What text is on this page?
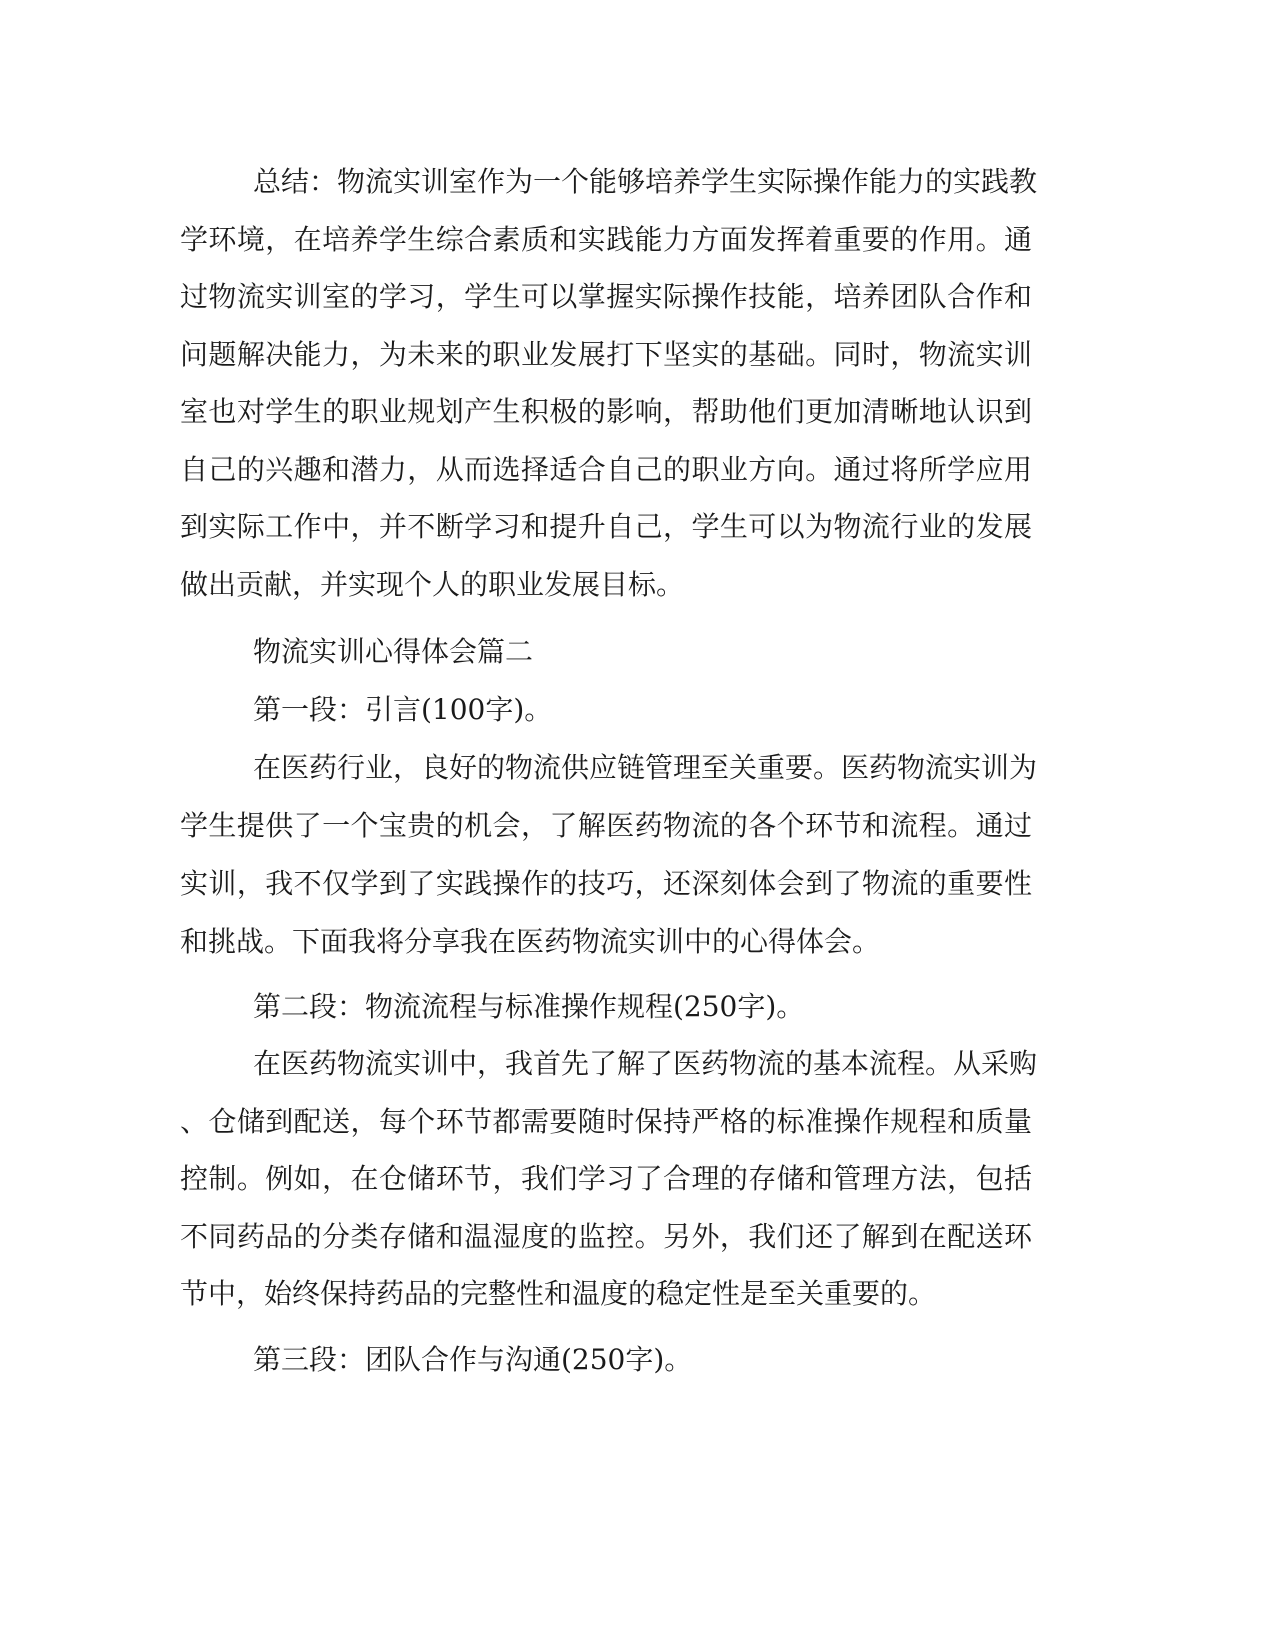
总结：物流实训室作为一个能够培养学生实际操作能力的实践教
学环境，在培养学生综合素质和实践能力方面发挥着重要的作用。通
过物流实训室的学习，学生可以掌握实际操作技能，培养团队合作和
问题解决能力，为未来的职业发展打下坚实的基础。同时，物流实训
室也对学生的职业规划产生积极的影响，帮助他们更加清晰地认识到
自己的兴趣和潜力，从而选择适合自己的职业方向。通过将所学应用
到实际工作中，并不断学习和提升自己，学生可以为物流行业的发展
做出贡献，并实现个人的职业发展目标。
物流实训心得体会篇二
第一段：引言(100字)。
在医药行业，良好的物流供应链管理至关重要。医药物流实训为
学生提供了一个宝贵的机会，了解医药物流的各个环节和流程。通过
实训，我不仅学到了实践操作的技巧，还深刻体会到了物流的重要性
和挑战。下面我将分享我在医药物流实训中的心得体会。
第二段：物流流程与标准操作规程(250字)。
在医药物流实训中，我首先了解了医药物流的基本流程。从采购
、仓储到配送，每个环节都需要随时保持严格的标准操作规程和质量
控制。例如，在仓储环节，我们学习了合理的存储和管理方法，包括
不同药品的分类存储和温湿度的监控。另外，我们还了解到在配送环
节中，始终保持药品的完整性和温度的稳定性是至关重要的。
第三段：团队合作与沟通(250字)。
